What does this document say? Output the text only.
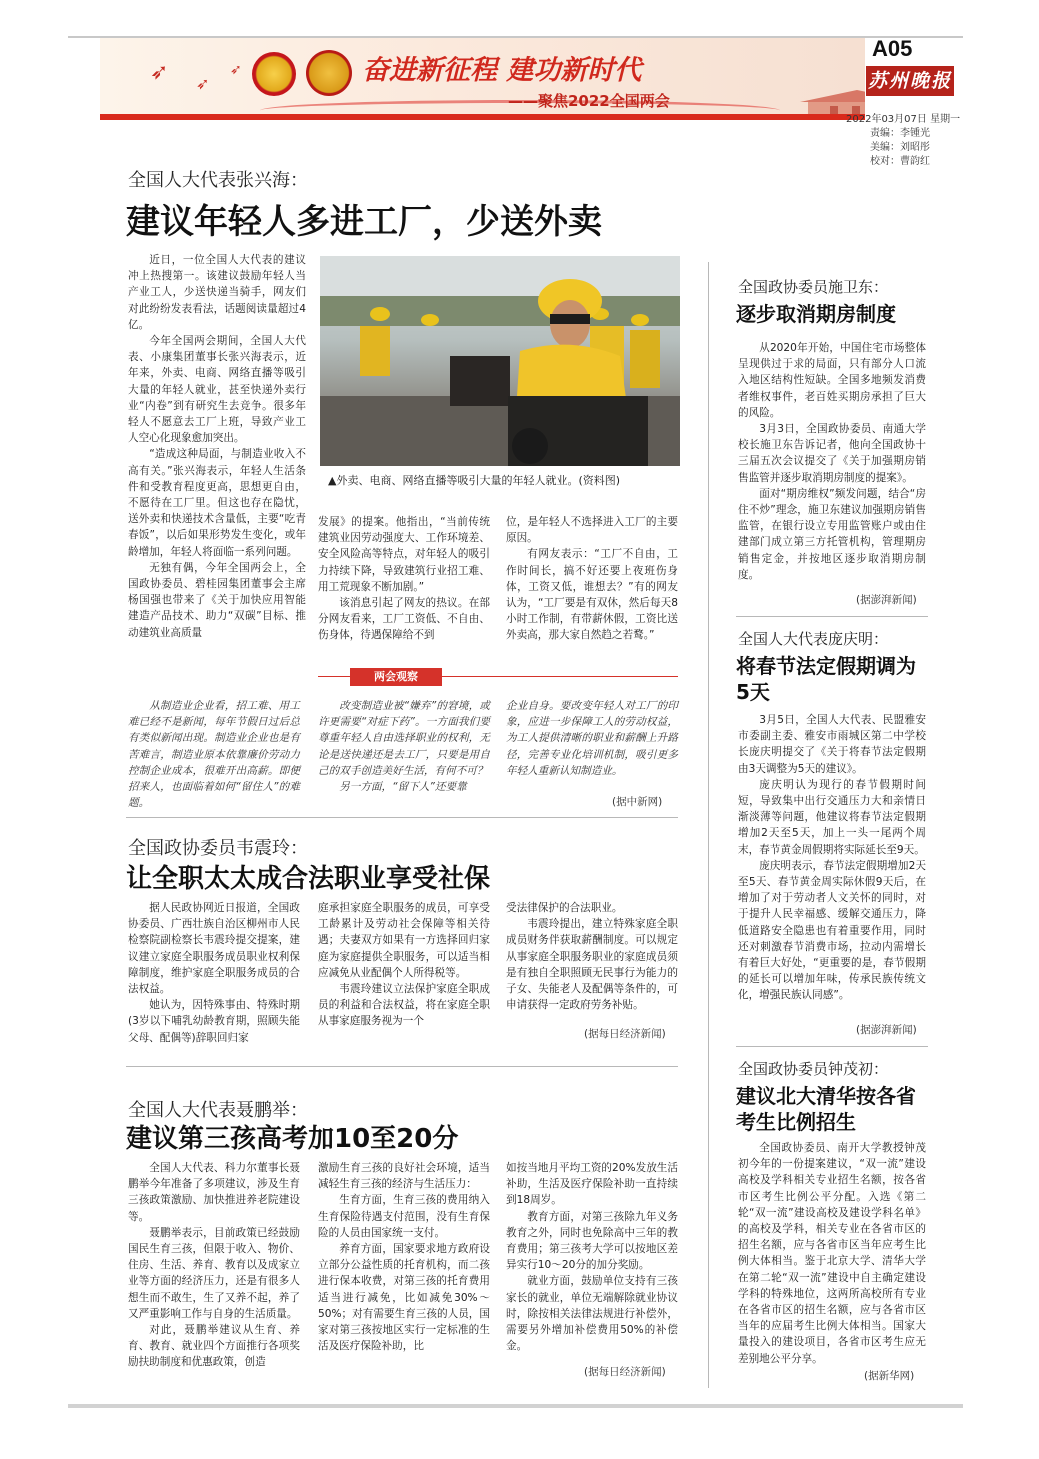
➶ ➶
➶	奋进新征程 建功新时代
——聚焦2022全国两会
A05
苏州晚报
2022年03月07日 星期一
责编：李锺光
美编：刘昭彤
校对：曹韵红
全国人大代表张兴海：
建议年轻人多进工厂，少送外卖

近日，一位全国人大代表的建议冲上热搜第一。该建议鼓励年轻人当产业工人，少送快递当骑手，网友们对此纷纷发表看法，话题阅读量超过4亿。

今年全国两会期间，全国人大代表、小康集团董事长张兴海表示，近年来，外卖、电商、网络直播等吸引大量的年轻人就业，甚至快递外卖行业“内卷”到有研究生去竞争。很多年轻人不愿意去工厂上班，导致产业工人空心化现象愈加突出。

“造成这种局面，与制造业收入不高有关。”张兴海表示，年轻人生活条件和受教育程度更高，思想更自由，不愿待在工厂里。但这也存在隐忧，送外卖和快递技术含量低，主要“吃青春饭”，以后如果形势发生变化，或年龄增加，年轻人将面临一系列问题。

无独有偶，今年全国两会上，全国政协委员、碧桂园集团董事会主席杨国强也带来了《关于加快应用智能建造产品技术、助力“双碳”目标、推动建筑业高质量

▲外卖、电商、网络直播等吸引大量的年轻人就业。(资料图)

发展》的提案。他指出，“当前传统建筑业因劳动强度大、工作环境差、安全风险高等特点，对年轻人的吸引力持续下降，导致建筑行业招工难、用工荒现象不断加剧。”

该消息引起了网友的热议。在部分网友看来，工厂工资低、不自由、伤身体，待遇保障给不到

位，是年轻人不选择进入工厂的主要原因。

有网友表示：“工厂不自由，工作时间长，搞不好还要上夜班伤身体，工资又低，谁想去？”有的网友认为，“工厂要是有双休，然后每天8小时工作制，有带薪休假，工资比送外卖高，那大家自然趋之若鹜。”

两会观察

从制造业企业看，招工难、用工难已经不是新闻，每年节假日过后总有类似新闻出现。制造业企业也是有苦难言，制造业原本依靠廉价劳动力控制企业成本，很难开出高薪。即便招来人，也面临着如何“留住人”的难题。

改变制造业被“嫌弃”的窘境，或许更需要“对症下药”。一方面我们要尊重年轻人自由选择职业的权利，无论是送快递还是去工厂，只要是用自己的双手创造美好生活，有何不可？

另一方面，“留下人”还要靠

企业自身。要改变年轻人对工厂的印象，应进一步保障工人的劳动权益，为工人提供清晰的职业和薪酬上升路径，完善专业化培训机制，吸引更多年轻人重新认知制造业。

(据中新网)
全国政协委员韦震玲：
让全职太太成合法职业享受社保

据人民政协网近日报道，全国政协委员、广西壮族自治区柳州市人民检察院副检察长韦震玲提交提案，建议建立家庭全职服务成员职业权利保障制度，维护家庭全职服务成员的合法权益。

她认为，因特殊事由、特殊时期(3岁以下哺乳幼龄教育期，照顾失能父母、配偶等)辞职回归家

庭承担家庭全职服务的成员，可享受工龄累计及劳动社会保障等相关待遇；夫妻双方如果有一方选择回归家庭为家庭提供全职服务，可以适当相应减免从业配偶个人所得税等。

韦震玲建议立法保护家庭全职成员的利益和合法权益，将在家庭全职从事家庭服务视为一个

受法律保护的合法职业。

韦震玲提出，建立特殊家庭全职成员财务伴获取薪酬制度。可以规定从事家庭全职服务职业的家庭成员须是有独自全职照顾无民事行为能力的子女、失能老人及配偶等条件的，可申请获得一定政府劳务补贴。

(据每日经济新闻)
全国人大代表聂鹏举：
建议第三孩高考加10至20分

全国人大代表、科力尔董事长聂鹏举今年准备了多项建议，涉及生育三孩政策激励、加快推进养老院建设等。

聂鹏举表示，目前政策已经鼓励国民生育三孩，但限于收入、物价、住房、生活、养育、教育以及成家立业等方面的经济压力，还是有很多人想生而不敢生，生了又养不起，养了又严重影响工作与自身的生活质量。

对此，聂鹏举建议从生育、养育、教育、就业四个方面推行各项奖励扶助制度和优惠政策，创造

激励生育三孩的良好社会环境，适当减轻生育三孩的经济与生活压力：

生育方面，生育三孩的费用纳入生育保险待遇支付范围，没有生育保险的人员由国家统一支付。

养育方面，国家要求地方政府设立部分公益性质的托育机构，而二孩进行保本收费，对第三孩的托育费用适当进行减免，比如减免30%～50%；对有需要生育三孩的人员，国家对第三孩按地区实行一定标准的生活及医疗保险补助，比

如按当地月平均工资的20%发放生活补助，生活及医疗保险补助一直持续到18周岁。

教育方面，对第三孩除九年义务教育之外，同时也免除高中三年的教育费用；第三孩考大学可以按地区差异实行10～20分的加分奖励。

就业方面，鼓励单位支持有三孩家长的就业，单位无端解除就业协议时，除按相关法律法规进行补偿外，需要另外增加补偿费用50%的补偿金。

(据每日经济新闻)
全国政协委员施卫东：
逐步取消期房制度

从2020年开始，中国住宅市场整体呈现供过于求的局面，只有部分人口流入地区结构性短缺。全国多地频发消费者维权事件，老百姓买期房承担了巨大的风险。

3月3日，全国政协委员、南通大学校长施卫东告诉记者，他向全国政协十三届五次会议提交了《关于加强期房销售监管并逐步取消期房制度的提案》。

面对“期房维权”频发问题，结合“房住不炒”理念，施卫东建议加强期房销售监管，在银行设立专用监管账户或由住建部门成立第三方托管机构，管理期房销售定金，并按地区逐步取消期房制度。

(据澎湃新闻)
全国人大代表庞庆明：
将春节法定假期调为
5天

3月5日，全国人大代表、民盟雅安市委副主委、雅安市雨城区第二中学校长庞庆明提交了《关于将春节法定假期由3天调整为5天的建议》。

庞庆明认为现行的春节假期时间短，导致集中出行交通压力大和亲情日渐淡薄等问题，他建议将春节法定假期增加2天至5天，加上一头一尾两个周末，春节黄金周假期将实际延长至9天。

庞庆明表示，春节法定假期增加2天至5天、春节黄金周实际休假9天后，在增加了对于劳动者人文关怀的同时，对于提升人民幸福感、缓解交通压力，降低道路安全隐患也有着重要作用，同时还对刺激春节消费市场，拉动内需增长有着巨大好处，“更重要的是，春节假期的延长可以增加年味，传承民族传统文化，增强民族认同感”。

(据澎湃新闻)
全国政协委员钟茂初：
建议北大清华按各省
考生比例招生

全国政协委员、南开大学教授钟茂初今年的一份提案建议，“双一流”建设高校及学科相关专业招生名额，按各省市区考生比例公平分配。入选《第二轮“双一流”建设高校及建设学科名单》的高校及学科，相关专业在各省市区的招生名额，应与各省市区当年应考生比例大体相当。鉴于北京大学、清华大学在第二轮“双一流”建设中自主确定建设学科的特殊地位，这两所高校所有专业在各省市区的招生名额，应与各省市区当年的应届考生比例大体相当。国家大量投入的建设项目，各省市区考生应无差别地公平分享。

(据新华网)
